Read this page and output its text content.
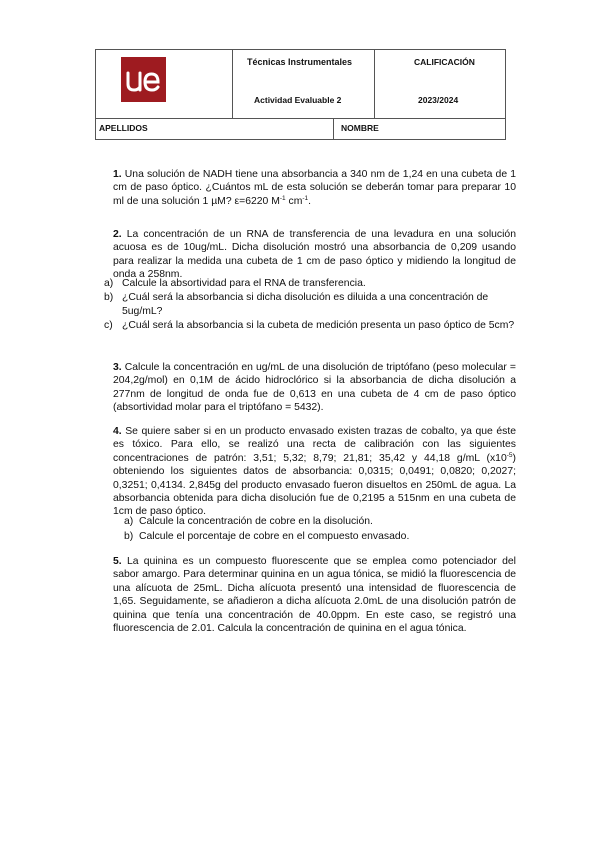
Técnicas Instrumentales
Actividad Evaluable 2
CALIFICACIÓN
2023/2024
APELLIDOS	NOMBRE
1. Una solución de NADH tiene una absorbancia a 340 nm de 1,24 en una cubeta de 1 cm de paso óptico. ¿Cuántos mL de esta solución se deberán tomar para preparar 10 ml de una solución 1 µM? ε=6220 $M^{-1}$ $cm^{-1}$.
2. La concentración de un RNA de transferencia de una levadura en una solución acuosa es de 10ug/mL. Dicha disolución mostró una absorbancia de 0,209 usando para realizar la medida una cubeta de 1 cm de paso óptico y midiendo la longitud de onda a 258nm.
a) Calcule la absortividad para el RNA de transferencia.
b) ¿Cuál será la absorbancia si dicha disolución es diluida a una concentración de 5ug/mL?
c) ¿Cuál será la absorbancia si la cubeta de medición presenta un paso óptico de 5cm?
3. Calcule la concentración en ug/mL de una disolución de triptófano (peso molecular = 204,2g/mol) en 0,1M de ácido hidroclórico si la absorbancia de dicha disolución a 277nm de longitud de onda fue de 0,613 en una cubeta de 4 cm de paso óptico (absortividad molar para el triptófano = 5432).
4. Se quiere saber si en un producto envasado existen trazas de cobalto, ya que éste es tóxico. Para ello, se realizó una recta de calibración con las siguientes concentraciones de patrón: 3,51; 5,32; 8,79; 21,81; 35,42 y 44,18 g/mL $(x10^{-5})$ obteniendo los siguientes datos de absorbancia: 0,0315; 0,0491; 0,0820; 0,2027; 0,3251; 0,4134. 2,845g del producto envasado fueron disueltos en 250mL de agua. La absorbancia obtenida para dicha disolución fue de 0,2195 a 515nm en una cubeta de 1cm de paso óptico.
a) Calcule la concentración de cobre en la disolución.
b) Calcule el porcentaje de cobre en el compuesto envasado.
5. La quinina es un compuesto fluorescente que se emplea como potenciador del sabor amargo. Para determinar quinina en un agua tónica, se midió la fluorescencia de una alícuota de 25mL. Dicha alícuota presentó una intensidad de fluorescencia de 1,65. Seguidamente, se añadieron a dicha alícuota 2.0mL de una disolución patrón de quinina que tenía una concentración de 40.0ppm. En este caso, se registró una fluorescencia de 2.01. Calcula la concentración de quinina en el agua tónica.
